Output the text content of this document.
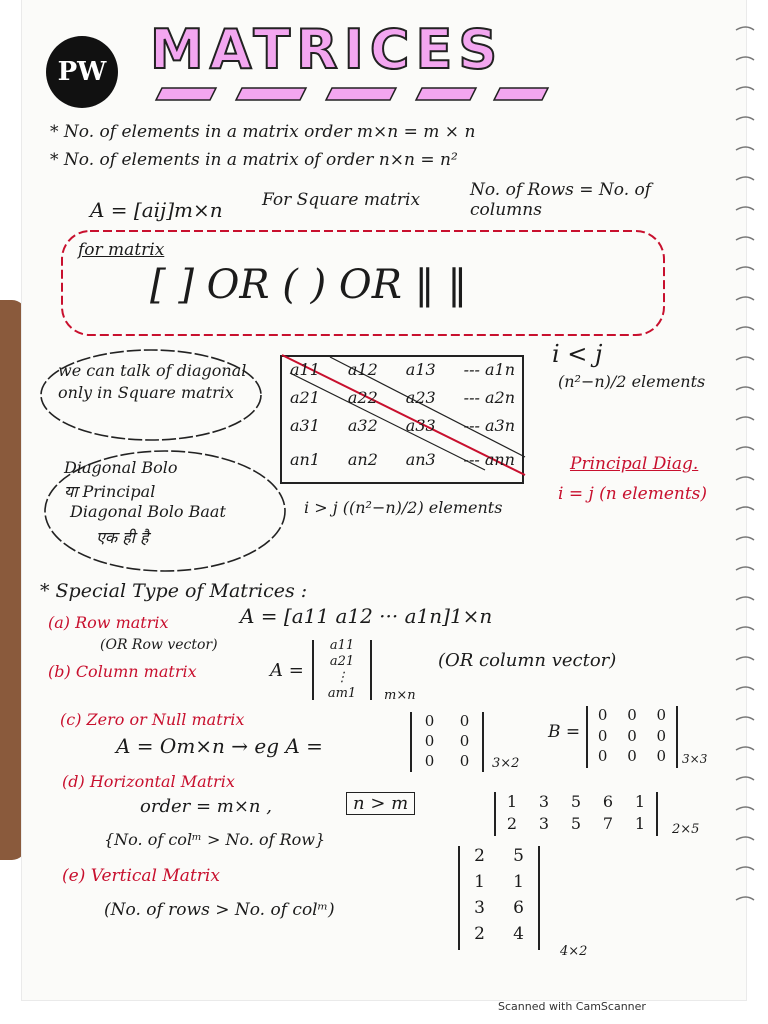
PW MATRICES
* No. of elements in a matrix order m×n = m × n
* No. of elements in a matrix of order n×n = n²
A = [aij]m×n For Square matrix	No. of Rows = No. of columns
for matrix
[ ] OR ( ) OR ‖ ‖
we can talk of diagonal only in Square matrix
a11 a12 a13 --- a1n
a21 a22 a23 --- a2n
a31 a32 a33 --- a3n
an1 an2 an3 --- ann
i < j
(n²−n)/2 elements
Principal Diag.
i = j (n elements)
Diagonal Bolo
या Principal
Diagonal Bolo Baat
एक ही है
i > j ((n²−n)/2) elements
* Special Type of Matrices :
(a) Row matrix	A = [a11 a12 ··· a1n]1×n
(OR Row vector)
(b) Column matrix	A =
a11
a21
⋮
am1	m×n
(OR column vector)
(c) Zero or Null matrix
A = Om×n → eg A =
0	0
0	0
0	0	3×2
B =
0	0	0
0	0	0
0	0	0	3×3
(d) Horizontal Matrix
order = m×n ,	n > m
{No. of colᵐ > No. of Row}
1	3	5	6	1
2	3	5	7	1	2×5
(e) Vertical Matrix
(No. of rows > No. of colᵐ)
2	5
1	1
3	6
2	4
4×2
Scanned with CamScanner
